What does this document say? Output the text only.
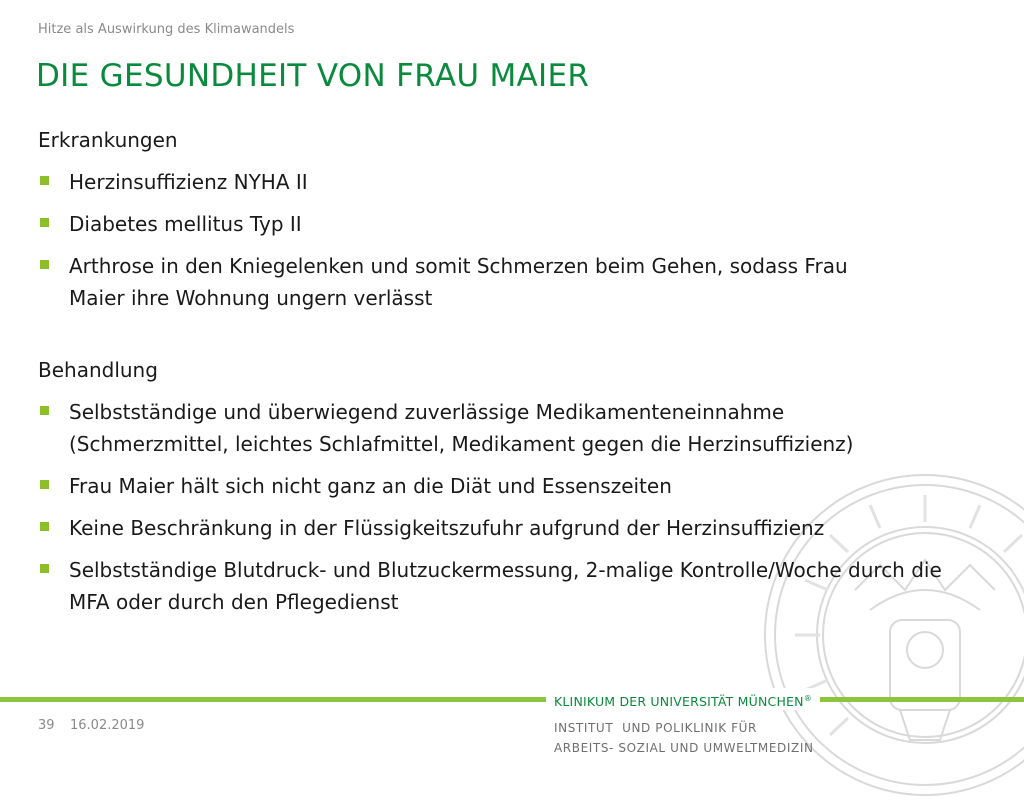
Hitze als Auswirkung des Klimawandels
DIE GESUNDHEIT VON FRAU MAIER
Erkrankungen
Herzinsuffizienz NYHA II
Diabetes mellitus Typ II
Arthrose in den Kniegelenken und somit Schmerzen beim Gehen, sodass Frau Maier ihre Wohnung ungern verlässt
Behandlung
Selbstständige und überwiegend zuverlässige Medikamenteneinnahme (Schmerzmittel, leichtes Schlafmittel, Medikament gegen die Herzinsuffizienz)
Frau Maier hält sich nicht ganz an die Diät und Essenszeiten
Keine Beschränkung in der Flüssigkeitszufuhr aufgrund der Herzinsuffizienz
Selbstständige Blutdruck- und Blutzuckermessung, 2-malige Kontrolle/Woche durch die MFA oder durch den Pflegedienst
KLINIKUM DER UNIVERSITÄT MÜNCHEN®
INSTITUT  UND POLIKLINIK FÜR
ARBEITS- SOZIAL UND UMWELTMEDIZIN
39 16.02.2019
